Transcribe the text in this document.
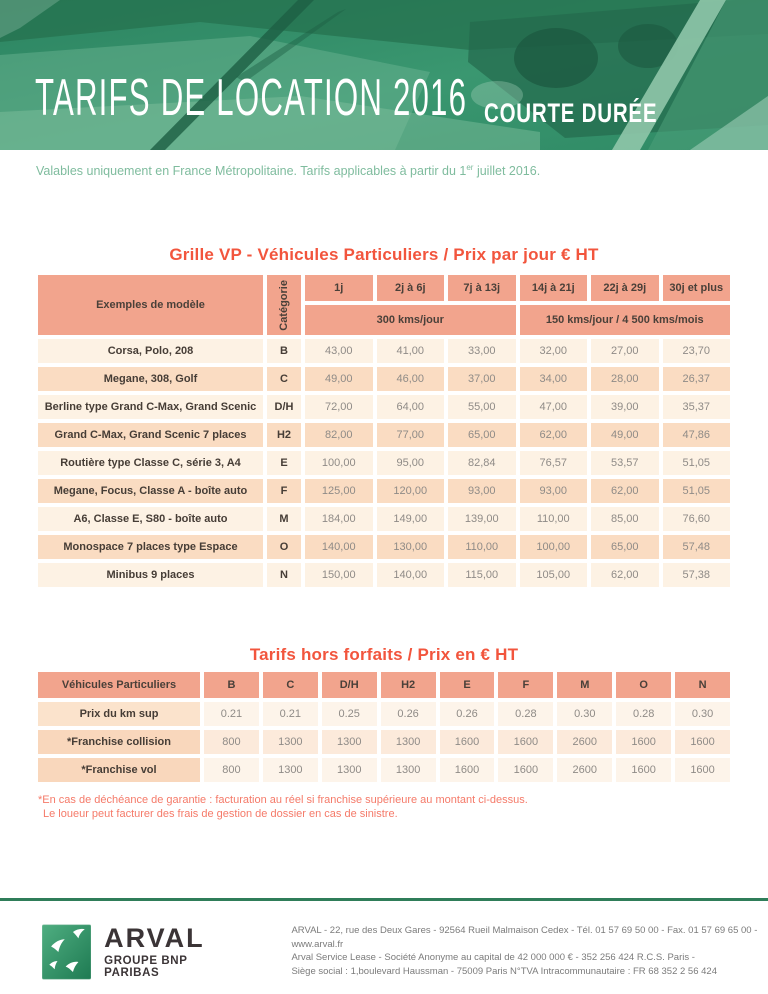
TARIFS DE LOCATION 2016 COURTE DURÉE

Valables uniquement en France Métropolitaine. Tarifs applicables à partir du 1er juillet 2016.

Grille VP - Véhicules Particuliers / Prix par jour € HT
Exemples de modèle	Catégorie	1j	2j à 6j	7j à 13j	14j à 21j	22j à 29j	30j et plus
300 kms/jour	150 kms/jour / 4 500 kms/mois
Corsa, Polo, 208	B	43,00	41,00	33,00	32,00	27,00	23,70
Megane, 308, Golf	C	49,00	46,00	37,00	34,00	28,00	26,37
Berline type Grand C-Max, Grand Scenic	D/H	72,00	64,00	55,00	47,00	39,00	35,37
Grand C-Max, Grand Scenic 7 places	H2	82,00	77,00	65,00	62,00	49,00	47,86
Routière type Classe C, série 3, A4	E	100,00	95,00	82,84	76,57	53,57	51,05
Megane, Focus, Classe A - boîte auto	F	125,00	120,00	93,00	93,00	62,00	51,05
A6, Classe E, S80 - boîte auto	M	184,00	149,00	139,00	110,00	85,00	76,60
Monospace 7 places type Espace	O	140,00	130,00	110,00	100,00	65,00	57,48
Minibus 9 places	N	150,00	140,00	115,00	105,00	62,00	57,38
Tarifs hors forfaits / Prix en € HT
Véhicules Particuliers	B	C	D/H	H2	E	F	M	O	N
Prix du km sup	0.21	0.21	0.25	0.26	0.26	0.28	0.30	0.28	0.30
*Franchise collision	800	1300	1300	1300	1600	1600	2600	1600	1600
*Franchise vol	800	1300	1300	1300	1600	1600	2600	1600	1600

*En cas de déchéance de garantie : facturation au réel si franchise supérieure au montant ci-dessus.

Le loueur peut facturer des frais de gestion de dossier en cas de sinistre.

ARVAL
GROUPE BNP PARIBAS

ARVAL - 22, rue des Deux Gares - 92564 Rueil Malmaison Cedex - Tél. 01 57 69 50 00 - Fax. 01 57 69 65 00 - www.arval.fr

Arval Service Lease - Société Anonyme au capital de 42 000 000 € - 352 256 424 R.C.S. Paris -

Siège social : 1,boulevard Haussman - 75009 Paris N°TVA Intracommunautaire : FR 68 352 2 56 424
